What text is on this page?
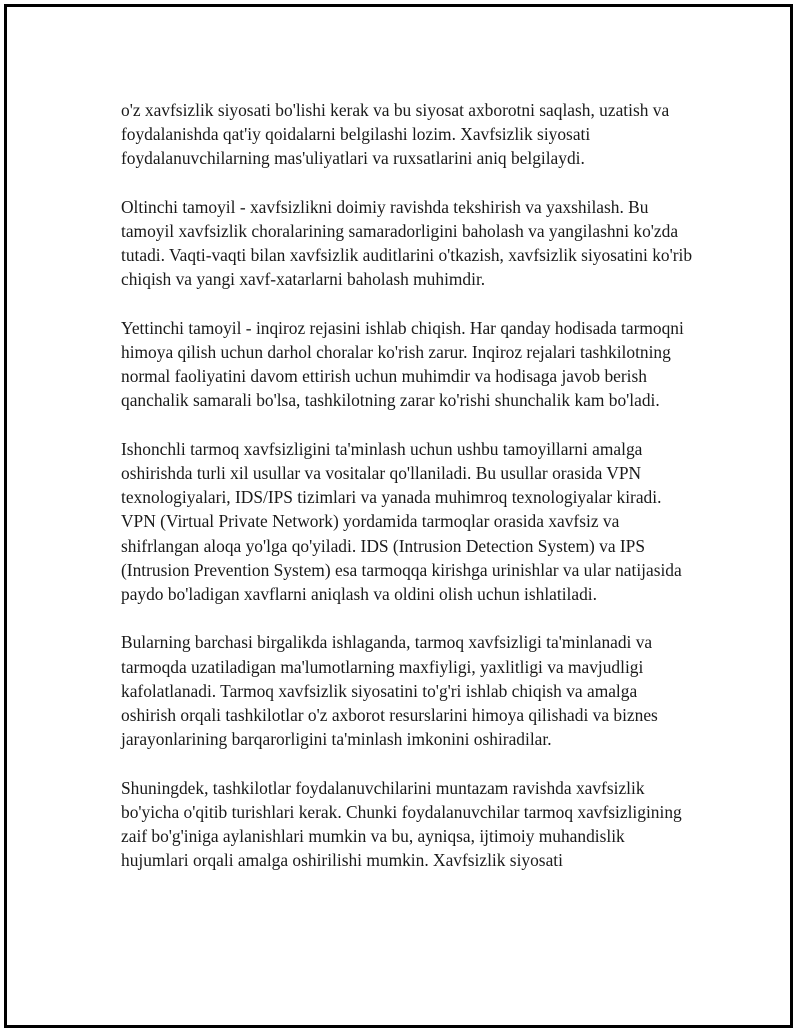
o'z xavfsizlik siyosati bo'lishi kerak va bu siyosat axborotni saqlash, uzatish va foydalanishda qat'iy qoidalarni belgilashi lozim. Xavfsizlik siyosati foydalanuvchilarning mas'uliyatlari va ruxsatlarini aniq belgilaydi.

Oltinchi tamoyil - xavfsizlikni doimiy ravishda tekshirish va yaxshilash. Bu tamoyil xavfsizlik choralarining samaradorligini baholash va yangilashni ko'zda tutadi. Vaqti-vaqti bilan xavfsizlik auditlarini o'tkazish, xavfsizlik siyosatini ko'rib chiqish va yangi xavf-xatarlarni baholash muhimdir.

Yettinchi tamoyil - inqiroz rejasini ishlab chiqish. Har qanday hodisada tarmoqni himoya qilish uchun darhol choralar ko'rish zarur. Inqiroz rejalari tashkilotning normal faoliyatini davom ettirish uchun muhimdir va hodisaga javob berish qanchalik samarali bo'lsa, tashkilotning zarar ko'rishi shunchalik kam bo'ladi.

Ishonchli tarmoq xavfsizligini ta'minlash uchun ushbu tamoyillarni amalga oshirishda turli xil usullar va vositalar qo'llaniladi. Bu usullar orasida VPN texnologiyalari, IDS/IPS tizimlari va yanada muhimroq texnologiyalar kiradi. VPN (Virtual Private Network) yordamida tarmoqlar orasida xavfsiz va shifrlangan aloqa yo'lga qo'yiladi. IDS (Intrusion Detection System) va IPS (Intrusion Prevention System) esa tarmoqqa kirishga urinishlar va ular natijasida paydo bo'ladigan xavflarni aniqlash va oldini olish uchun ishlatiladi.

Bularning barchasi birgalikda ishlaganda, tarmoq xavfsizligi ta'minlanadi va tarmoqda uzatiladigan ma'lumotlarning maxfiyligi, yaxlitligi va mavjudligi kafolatlanadi. Tarmoq xavfsizlik siyosatini to'g'ri ishlab chiqish va amalga oshirish orqali tashkilotlar o'z axborot resurslarini himoya qilishadi va biznes jarayonlarining barqarorligini ta'minlash imkonini oshiradilar.

Shuningdek, tashkilotlar foydalanuvchilarini muntazam ravishda xavfsizlik bo'yicha o'qitib turishlari kerak. Chunki foydalanuvchilar tarmoq xavfsizligining zaif bo'g'iniga aylanishlari mumkin va bu, ayniqsa, ijtimoiy muhandislik hujumlari orqali amalga oshirilishi mumkin. Xavfsizlik siyosati
